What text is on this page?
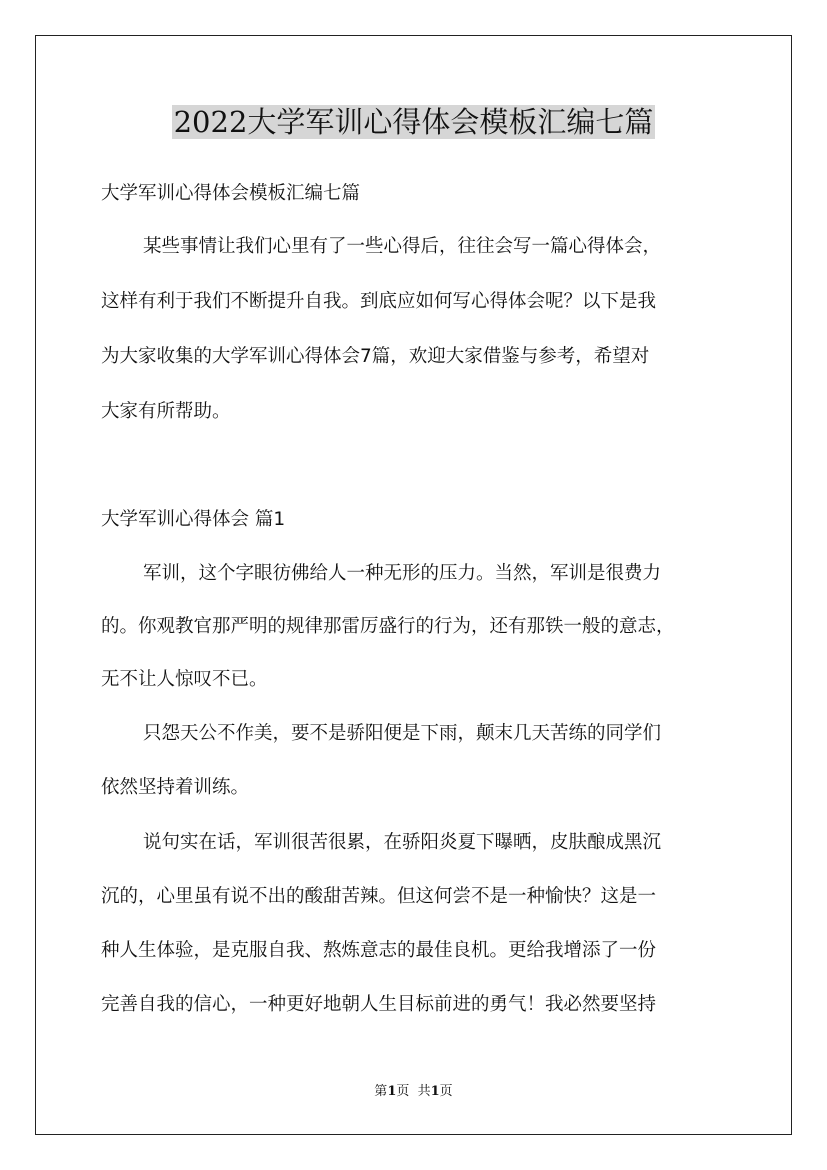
2022大学军训心得体会模板汇编七篇
大学军训心得体会模板汇编七篇
某些事情让我们心里有了一些心得后，往往会写一篇心得体会，
这样有利于我们不断提升自我。到底应如何写心得体会呢？以下是我
为大家收集的大学军训心得体会7篇，欢迎大家借鉴与参考，希望对
大家有所帮助。
大学军训心得体会 篇1
军训，这个字眼彷佛给人一种无形的压力。当然，军训是很费力
的。你观教官那严明的规律那雷厉盛行的行为，还有那铁一般的意志，
无不让人惊叹不已。
只怨天公不作美，要不是骄阳便是下雨，颠末几天苦练的同学们
依然坚持着训练。
说句实在话，军训很苦很累，在骄阳炎夏下曝晒，皮肤酿成黑沉
沉的，心里虽有说不出的酸甜苦辣。但这何尝不是一种愉快？这是一
种人生体验，是克服自我、熬炼意志的最佳良机。更给我增添了一份
完善自我的信心，一种更好地朝人生目标前进的勇气！我必然要坚持
第1页  共1页
